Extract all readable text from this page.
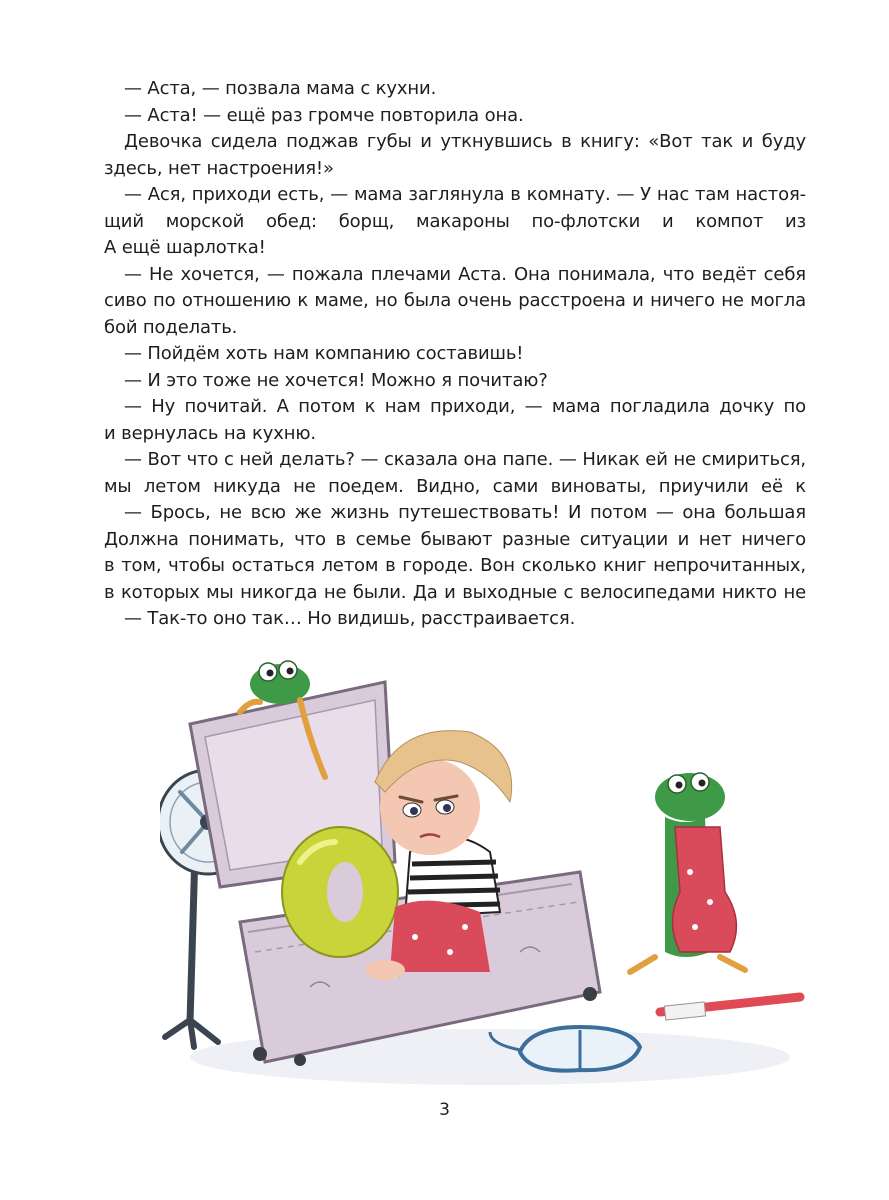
— Аста, — позвала мама с кухни.
— Аста! — ещё раз громче повторила она.
Девочка сидела поджав губы и уткнувшись в книгу: «Вот так и буду
здесь, нет настроения!»
— Ася, приходи есть, — мама заглянула в комнату. — У нас там настоя-
щий морской обед: борщ, макароны по-флотски и компот из
А ещё шарлотка!
— Не хочется, — пожала плечами Аста. Она понимала, что ведёт себя
сиво по отношению к маме, но была очень расстроена и ничего не могла
бой поделать.
— Пойдём хоть нам компанию составишь!
— И это тоже не хочется! Можно я почитаю?
— Ну почитай. А потом к нам приходи, — мама погладила дочку по
и вернулась на кухню.
— Вот что с ней делать? — сказала она папе. — Никак ей не смириться,
мы летом никуда не поедем. Видно, сами виноваты, приучили её к
— Брось, не всю же жизнь путешествовать! И потом — она большая
Должна понимать, что в семье бывают разные ситуации и нет ничего
в том, чтобы остаться летом в городе. Вон сколько книг непрочитанных,
в которых мы никогда не были. Да и выходные с велосипедами никто не
— Так-то оно так… Но видишь, расстраивается.
3
